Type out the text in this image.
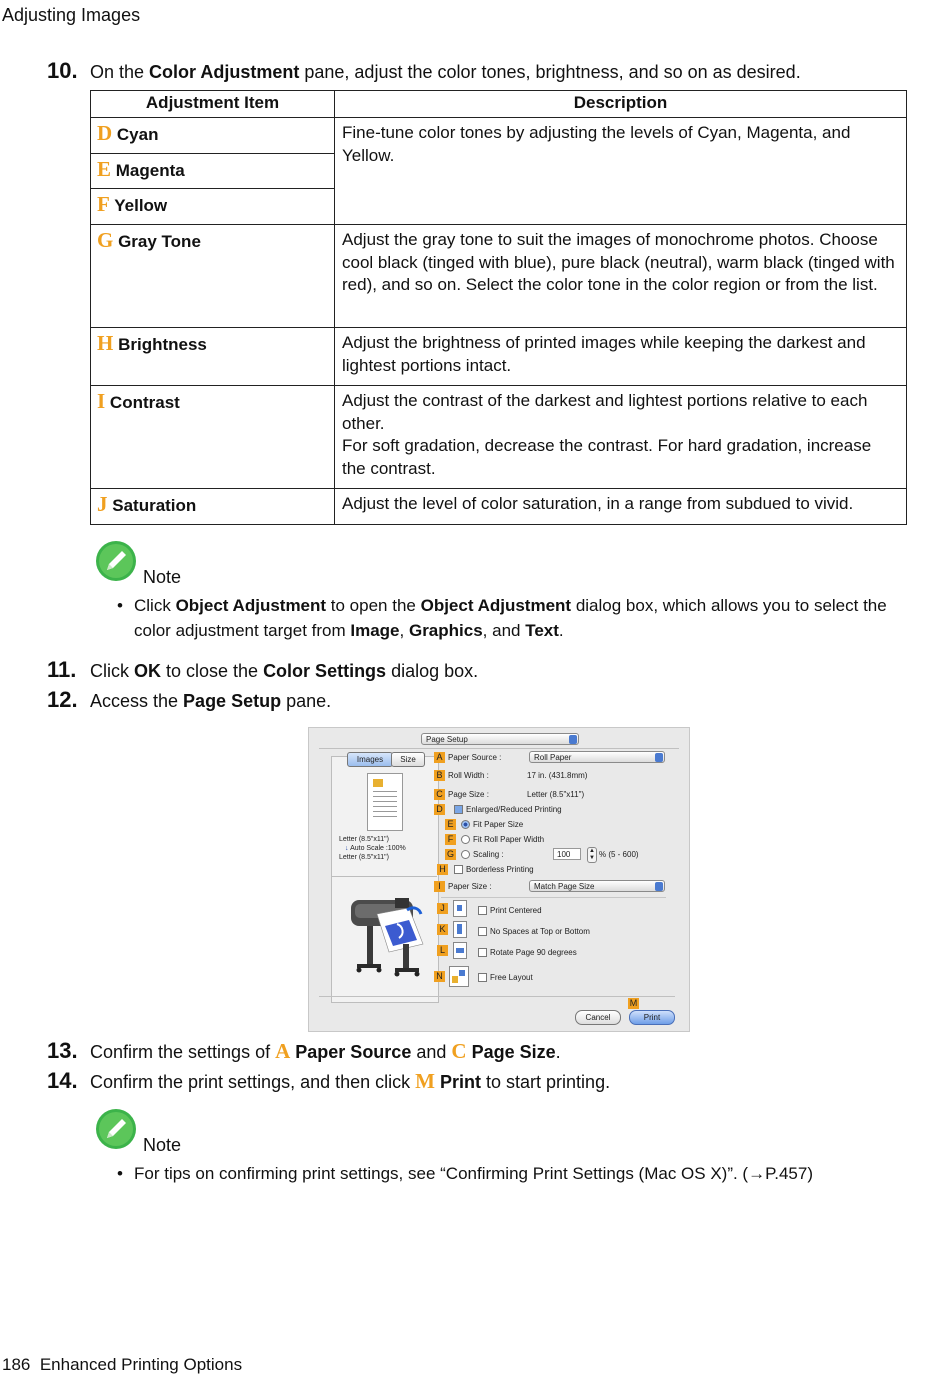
Adjusting Images
10. On the Color Adjustment pane, adjust the color tones, brightness, and so on as desired.
Adjustment Item	Description
D Cyan	Fine-tune color tones by adjusting the levels of Cyan, Magenta, and Yellow.
E Magenta	
F Yellow	
G Gray Tone	Adjust the gray tone to suit the images of monochrome photos. Choose cool black (tinged with blue), pure black (neutral), warm black (tinged with red), and so on. Select the color tone in the color region or from the list.
H Brightness	Adjust the brightness of printed images while keeping the darkest and lightest portions intact.
I Contrast	Adjust the contrast of the darkest and lightest portions relative to each other.
For soft gradation, decrease the contrast. For hard gradation, increase the contrast.

J Saturation	Adjust the level of color saturation, in a range from subdued to vivid.
Note
• Click Object Adjustment to open the Object Adjustment dialog box, which allows you to select the color adjustment target from Image, Graphics, and Text.
11. Click OK to close the Color Settings dialog box.
12. Access the Page Setup pane.
Page Setup
Images	Size
Letter (8.5"x11")
↓ Auto Scale :100%
Letter (8.5"x11")
A Paper Source :	Roll Paper
B Roll Width :	17 in. (431.8mm)
C Page Size :	Letter (8.5"x11")
D	Enlarged/Reduced Printing
E	Fit Paper Size
F	Fit Roll Paper Width
G Scaling :	100	▲
▼ % (5 - 600)
H	Borderless Printing
I Paper Size :	Match Page Size
J	Print Centered
K	No Spaces at Top or Bottom
L	Rotate Page 90 degrees
N	Free Layout
M
Cancel	Print
13. Confirm the settings of A Paper Source and C Page Size.
14. Confirm the print settings, and then click M Print to start printing.
Note
• For tips on confirming print settings, see “Confirming Print Settings (Mac OS X)”. (→P.457)
186 Enhanced Printing Options
